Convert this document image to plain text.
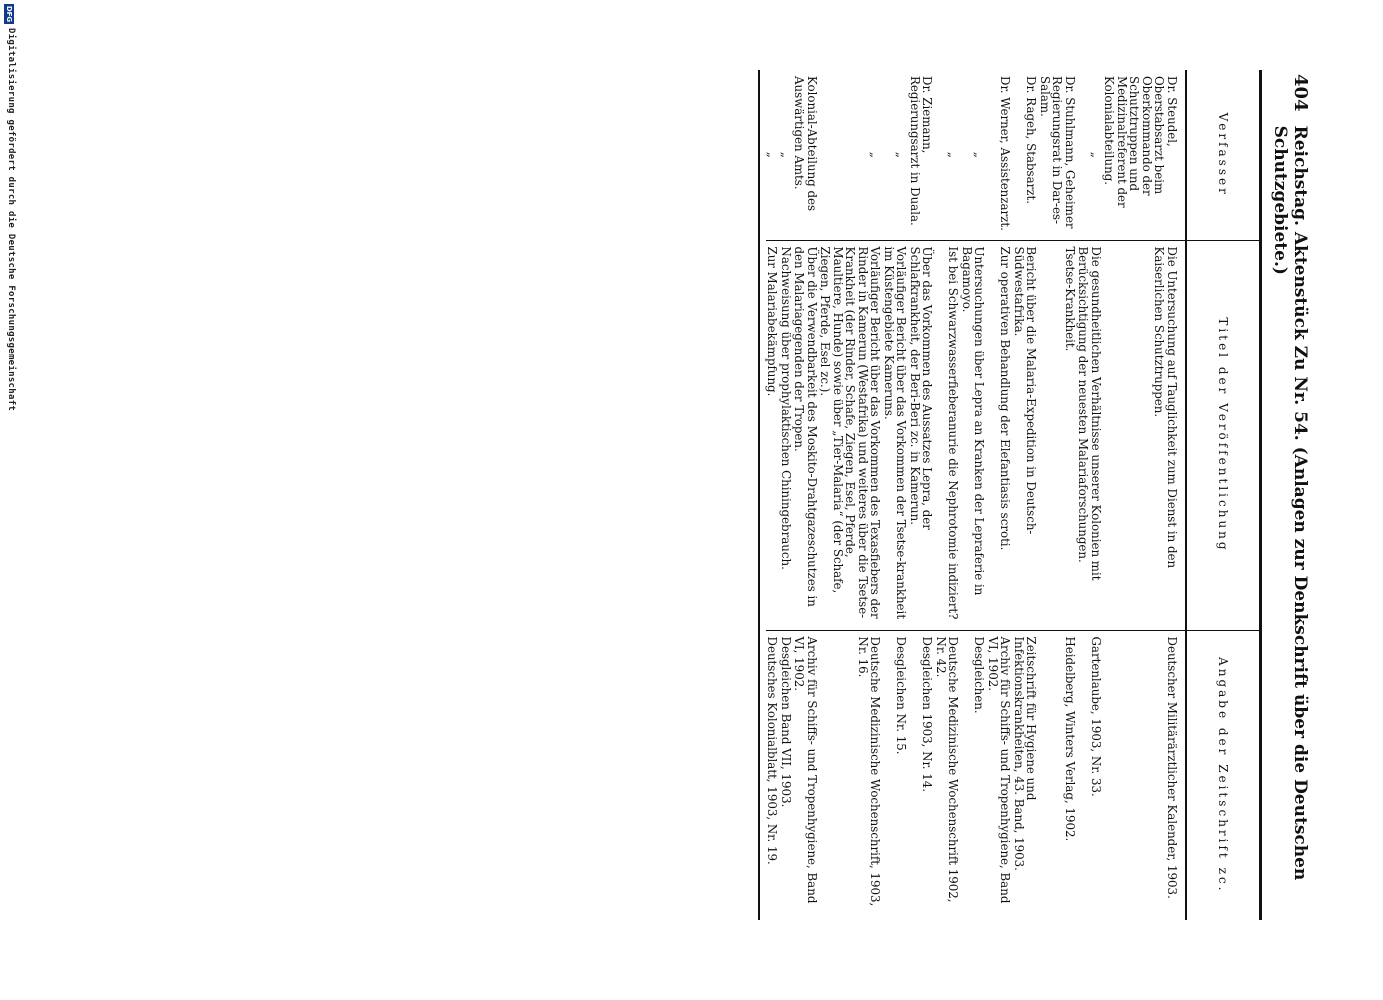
404
Reichstag. Aktenstück Zu Nr. 54. (Anlagen zur Denkschrift über die Deutschen Schutzgebiete.)
Verfasser	Titel der Veröffentlichung	Angabe der Zeitschrift zc.
Dr. Steudel, Oberstabsarzt beim Oberkommando der Schutztruppen und Medizinalreferent der Kolonialabteilung.	Die Untersuchung auf Tauglichkeit zum Dienst in den Kaiserlichen Schutztruppen.	Deutscher Militärärztlicher Kalender, 1903.

„	Die gesundheitlichen Verhältnisse unserer Kolonien mit Berücksichtigung der neuesten Malariaforschungen.	Gartenlaube, 1903, Nr. 33.
Dr. Stuhlmann, Geheimer Regierungsrat in Dar-es-Salam.	Tsetse-Krankheit.	Heidelberg, Winters Verlag, 1902.
Dr. Rageh, Stabsarzt.	Bericht über die Malaria-Expedition in Deutsch-Südwestafrika.	Zeitschrift für Hygiene und Infektionskrankheiten, 43. Band, 1903.
Dr. Werner, Assistenzarzt.	Zur operativen Behandlung der Elefantiasis scroti.	Archiv für Schiffs- und Tropenhygiene, Band VI, 1902.

„	Untersuchungen über Lepra an Kranken der Lepraferie in Bagamoyo.	Desgleichen.

„	Ist bei Schwarzwasserfieberanurie die Nephrotomie indiziert?	Deutsche Medizinische Wochenschrift 1902, Nr. 42.
Dr. Ziemann, Regierungsarzt in Duala.	Über das Vorkommen des Aussatzes Lepra, der Schlafkrankheit, der Beri-Beri zc. in Kamerun.	Desgleichen 1903, Nr. 14.

„	Vorläufiger Bericht über das Vorkommen der Tsetse-krankheit im Küstengebiete Kameruns.	Desgleichen Nr. 15.

„	Vorläufiger Bericht über das Vorkommen des Texasfiebers der Rinder in Kamerun (Westafrika) und weiteres über die Tsetse-Krankheit (der Rinder, Schafe, Ziegen, Esel, Pferde, Maultiere, Hunde) sowie über „Tier-Malaria“ (der Schafe, Ziegen, Pferde, Esel zc.).	Deutsche Medizinische Wochenschrift, 1903, Nr. 16.
Kolonial-Abteilung des Auswärtigen Amts.	Über die Verwendbarkeit des Moskito-Drahtgazeschutzes in den Malariagegenden der Tropen.	Archiv für Schiffs- und Tropenhygiene, Band VI, 1902.

„	Nachweisung über prophylaktischen Chiningebrauch.	Desgleichen Band VII, 1903.

„	Zur Malariabekämpfung.	Deutsches Kolonialblatt, 1903, Nr. 19.
DFG
Digitalisierung gefördert durch die Deutsche Forschungsgemeinschaft
